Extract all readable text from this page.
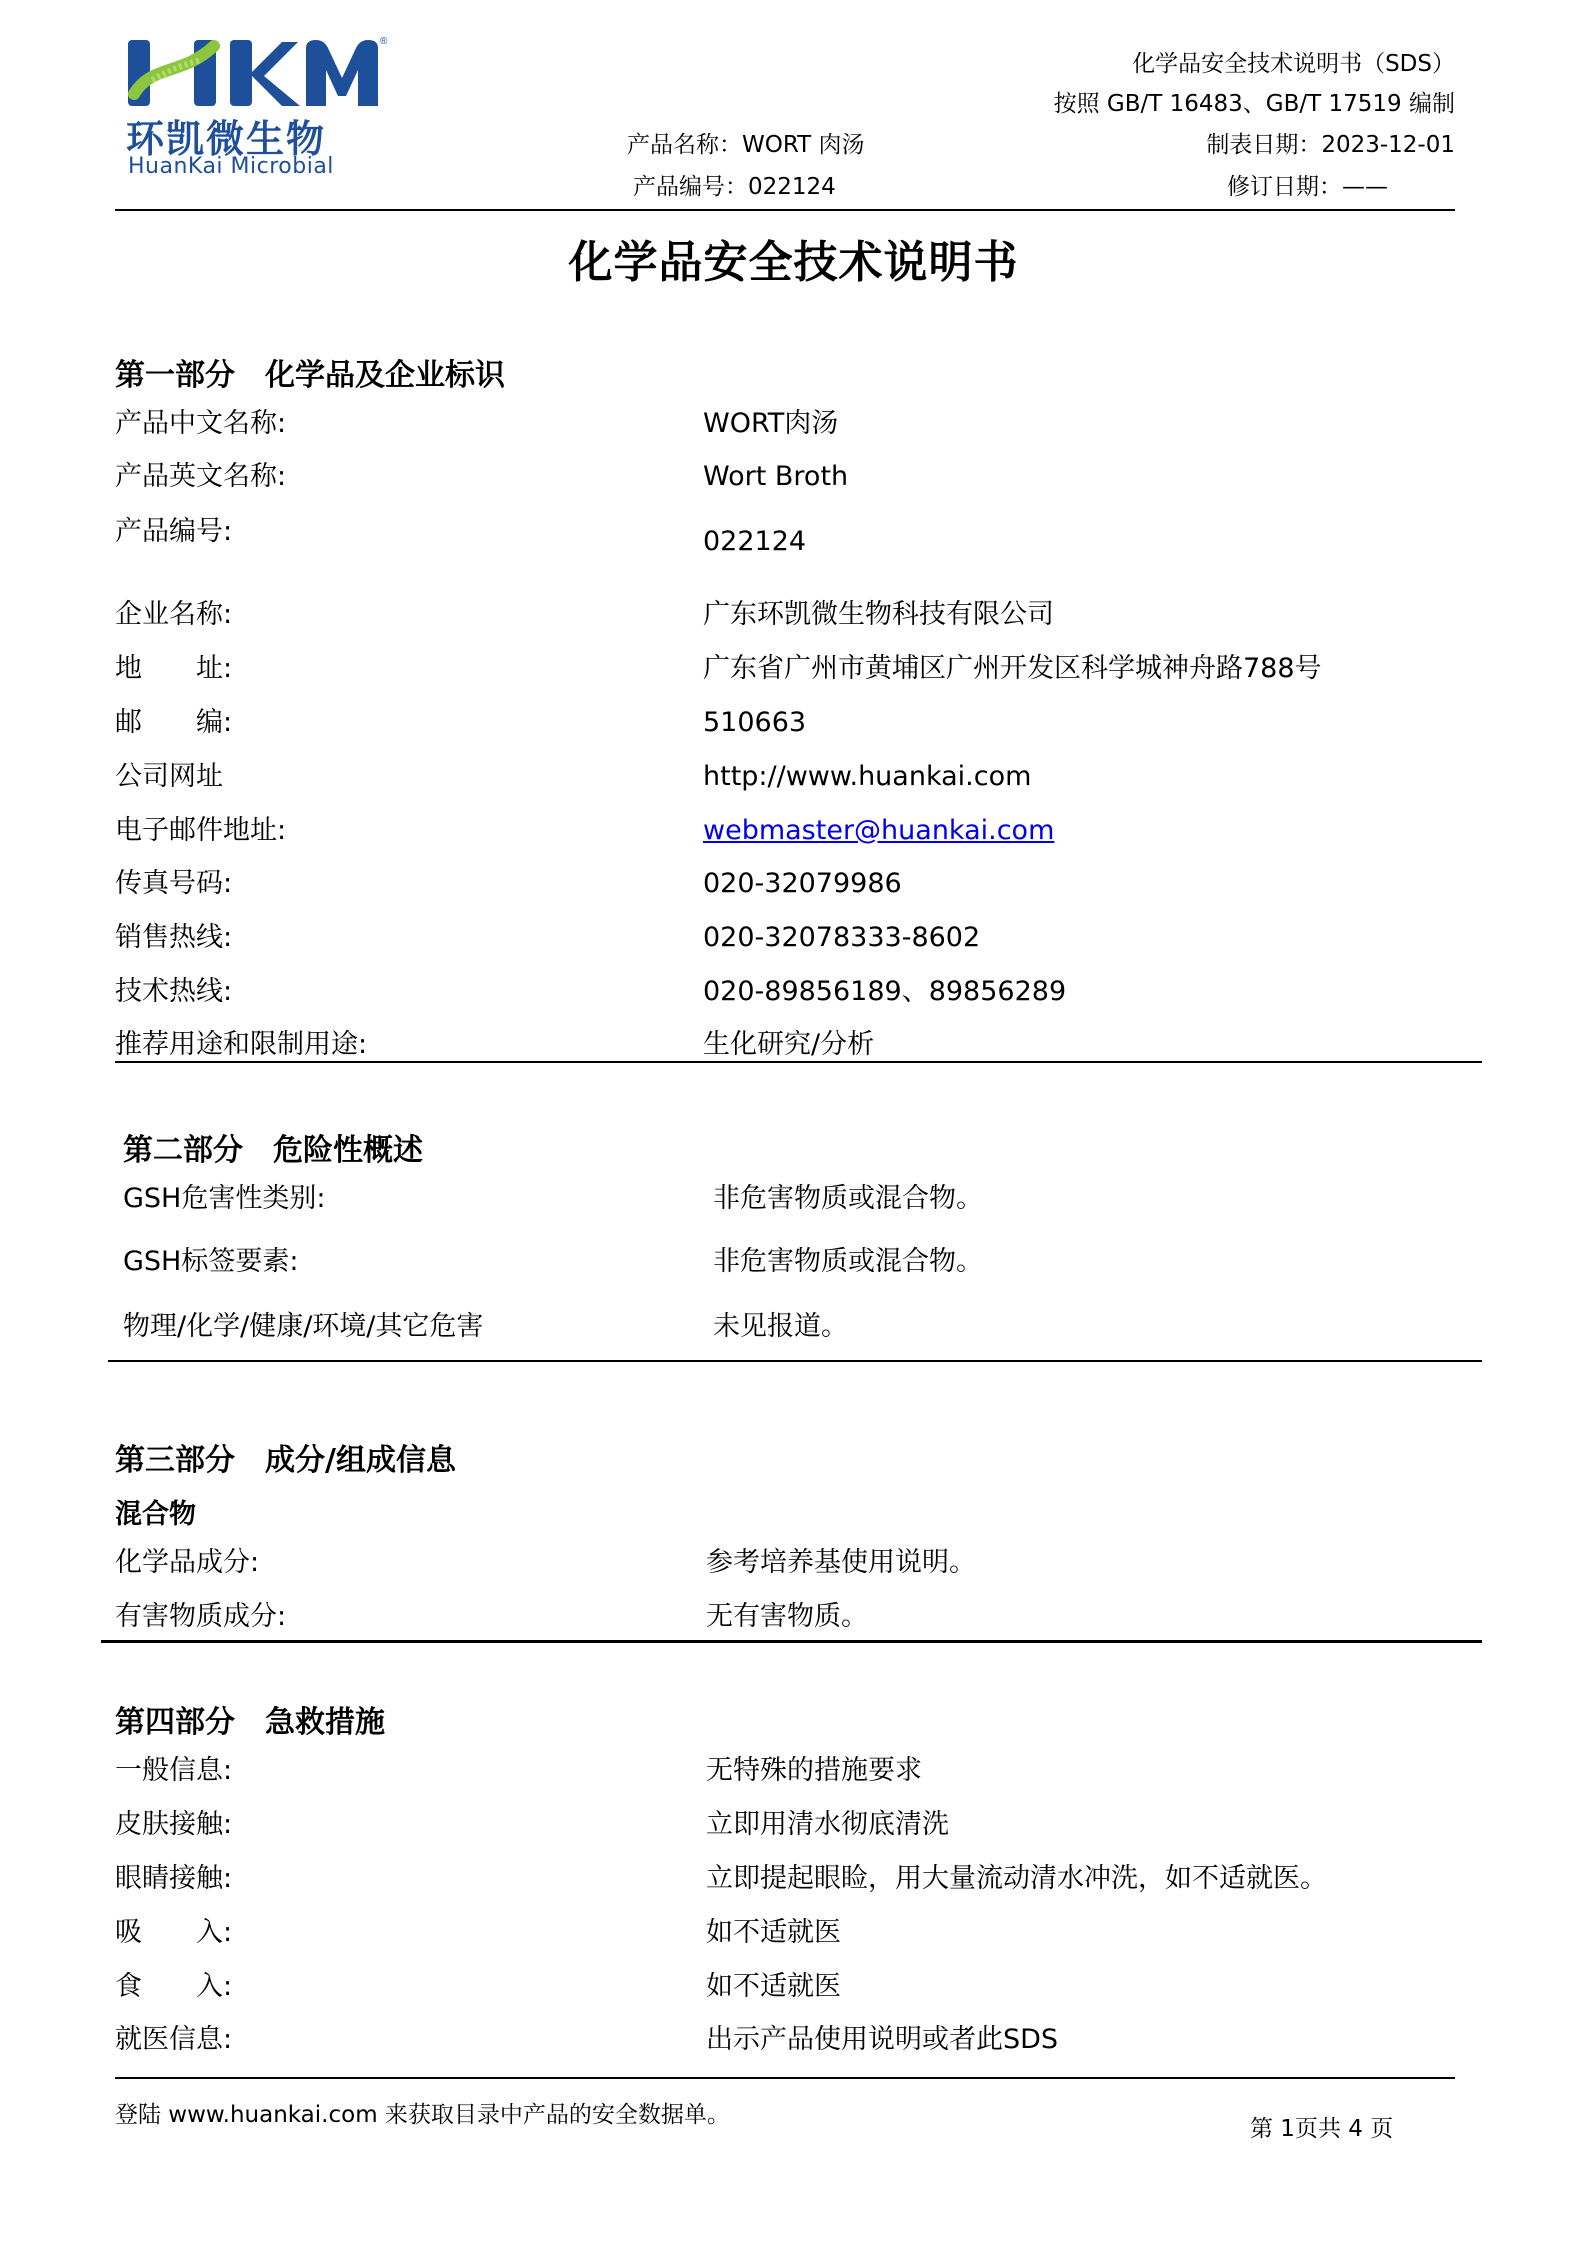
®
环凯微生物
HuanKai Microbial
化学品安全技术说明书（SDS）
按照 GB/T 16483、GB/T 17519 编制
产品名称：WORT 肉汤	制表日期：2023-12-01
产品编号：022124	修订日期：——
化学品安全技术说明书
第一部分　化学品及企业标识
产品中文名称:	WORT肉汤
产品英文名称:	Wort Broth
产品编号:	022124
企业名称:	广东环凯微生物科技有限公司
地　　址:	广东省广州市黄埔区广州开发区科学城神舟路788号
邮　　编:	510663
公司网址	http://www.huankai.com
电子邮件地址:	webmaster@huankai.com
传真号码:	020-32079986
销售热线:	020-32078333-8602
技术热线:	020-89856189、89856289
推荐用途和限制用途:	生化研究/分析
第二部分　危险性概述
GSH危害性类别:	非危害物质或混合物。
GSH标签要素:	非危害物质或混合物。
物理/化学/健康/环境/其它危害	未见报道。
第三部分　成分/组成信息
混合物
化学品成分:	参考培养基使用说明。
有害物质成分:	无有害物质。
第四部分　急救措施
一般信息:	无特殊的措施要求
皮肤接触:	立即用清水彻底清洗
眼睛接触:	立即提起眼睑，用大量流动清水冲洗，如不适就医。
吸　　入:	如不适就医
食　　入:	如不适就医
就医信息:	出示产品使用说明或者此SDS
登陆 www.huankai.com 来获取目录中产品的安全数据单。
第 1页共 4 页
